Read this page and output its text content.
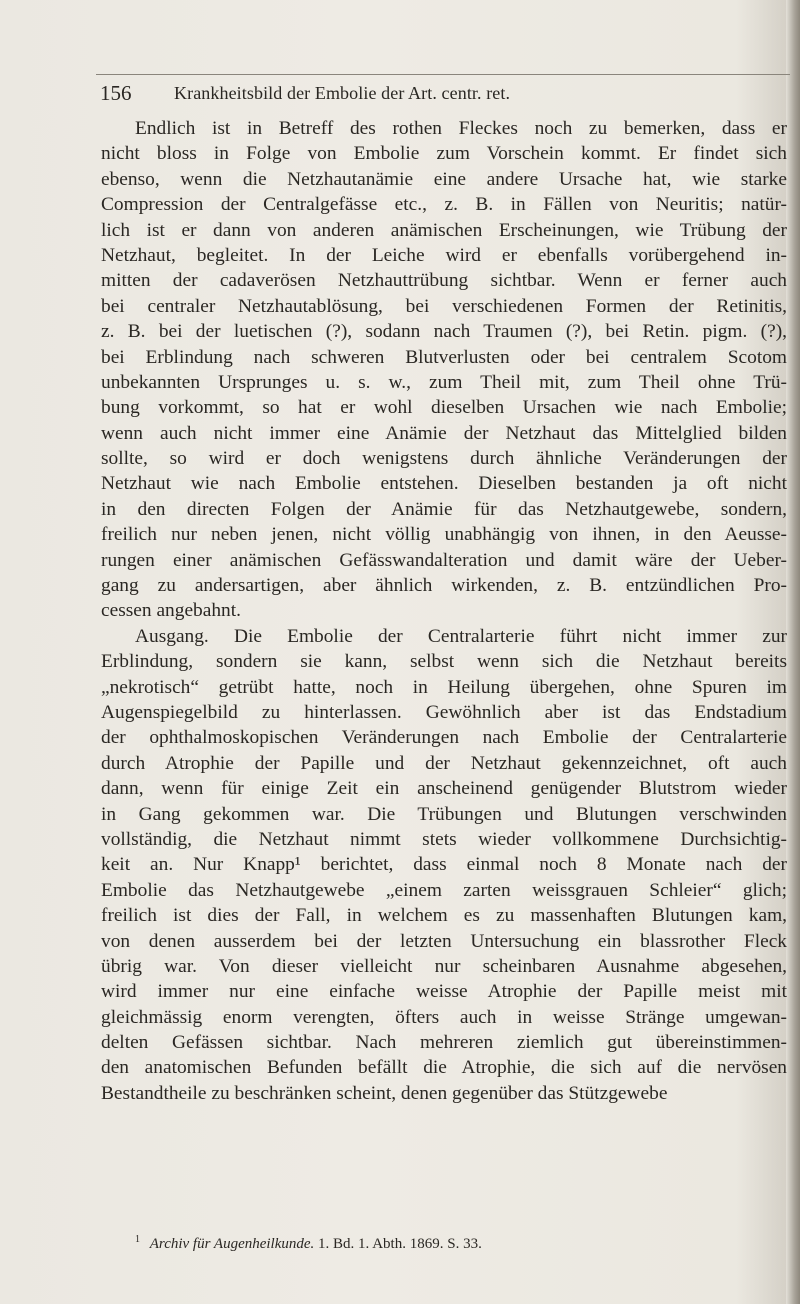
156 Krankheitsbild der Embolie der Art. centr. ret.
Endlich ist in Betreff des rothen Fleckes noch zu bemerken, dass er
nicht bloss in Folge von Embolie zum Vorschein kommt. Er findet sich
ebenso, wenn die Netzhautanämie eine andere Ursache hat, wie starke
Compression der Centralgefässe etc., z. B. in Fällen von Neuritis; natür-
lich ist er dann von anderen anämischen Erscheinungen, wie Trübung der
Netzhaut, begleitet. In der Leiche wird er ebenfalls vorübergehend in-
mitten der cadaverösen Netzhauttrübung sichtbar. Wenn er ferner auch
bei centraler Netzhautablösung, bei verschiedenen Formen der Retinitis,
z. B. bei der luetischen (?), sodann nach Traumen (?), bei Retin. pigm. (?),
bei Erblindung nach schweren Blutverlusten oder bei centralem Scotom
unbekannten Ursprunges u. s. w., zum Theil mit, zum Theil ohne Trü-
bung vorkommt, so hat er wohl dieselben Ursachen wie nach Embolie;
wenn auch nicht immer eine Anämie der Netzhaut das Mittelglied bilden
sollte, so wird er doch wenigstens durch ähnliche Veränderungen der
Netzhaut wie nach Embolie entstehen. Dieselben bestanden ja oft nicht
in den directen Folgen der Anämie für das Netzhautgewebe, sondern,
freilich nur neben jenen, nicht völlig unabhängig von ihnen, in den Aeusse-
rungen einer anämischen Gefässwandalteration und damit wäre der Ueber-
gang zu andersartigen, aber ähnlich wirkenden, z. B. entzündlichen Pro-
cessen angebahnt.
Ausgang. Die Embolie der Centralarterie führt nicht immer zur
Erblindung, sondern sie kann, selbst wenn sich die Netzhaut bereits
„nekrotisch“ getrübt hatte, noch in Heilung übergehen, ohne Spuren im
Augenspiegelbild zu hinterlassen. Gewöhnlich aber ist das Endstadium
der ophthalmoskopischen Veränderungen nach Embolie der Centralarterie
durch Atrophie der Papille und der Netzhaut gekennzeichnet, oft auch
dann, wenn für einige Zeit ein anscheinend genügender Blutstrom wieder
in Gang gekommen war. Die Trübungen und Blutungen verschwinden
vollständig, die Netzhaut nimmt stets wieder vollkommene Durchsichtig-
keit an. Nur Knapp¹ berichtet, dass einmal noch 8 Monate nach der
Embolie das Netzhautgewebe „einem zarten weissgrauen Schleier“ glich;
freilich ist dies der Fall, in welchem es zu massenhaften Blutungen kam,
von denen ausserdem bei der letzten Untersuchung ein blassrother Fleck
übrig war. Von dieser vielleicht nur scheinbaren Ausnahme abgesehen,
wird immer nur eine einfache weisse Atrophie der Papille meist mit
gleichmässig enorm verengten, öfters auch in weisse Stränge umgewan-
delten Gefässen sichtbar. Nach mehreren ziemlich gut übereinstimmen-
den anatomischen Befunden befällt die Atrophie, die sich auf die nervösen
Bestandtheile zu beschränken scheint, denen gegenüber das Stützgewebe
$^1$ Archiv für Augenheilkunde. 1. Bd. 1. Abth. 1869. S. 33.
